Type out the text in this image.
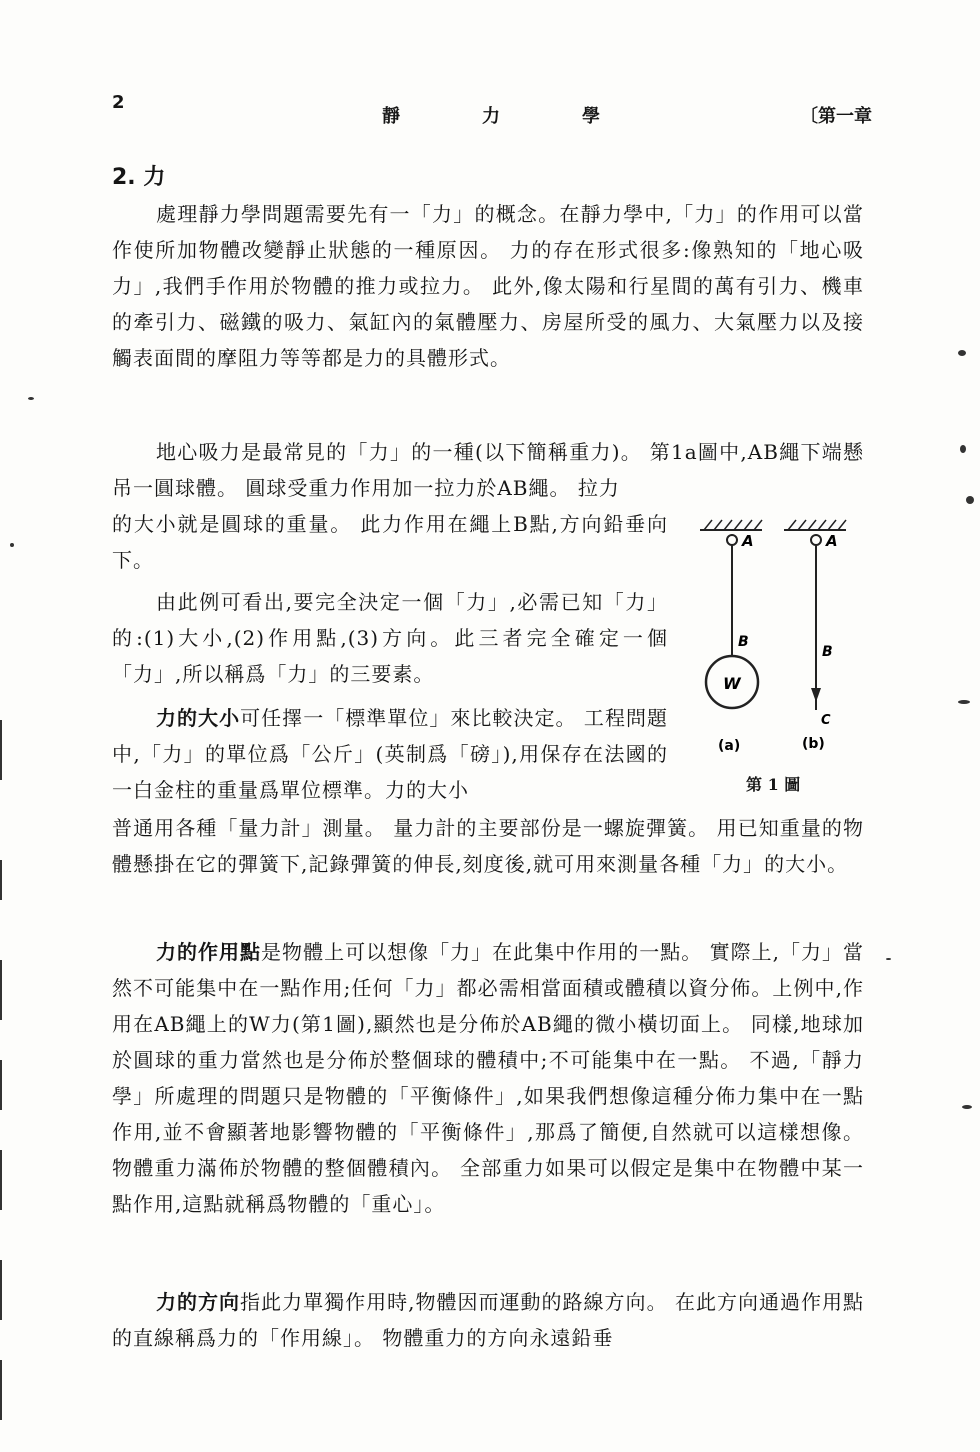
2
靜	力	學	〔第一章
2. 力

處理靜力學問題需要先有一「力」的概念。在靜力學中,「力」的作用可以當作使所加物體改變靜止狀態的一種原因。 力的存在形式很多:像熟知的「地心吸力」,我們手作用於物體的推力或拉力。 此外,像太陽和行星間的萬有引力、機車的牽引力、磁鐵的吸力、氣缸內的氣體壓力、房屋所受的風力、大氣壓力以及接觸表面間的摩阻力等等都是力的具體形式。

地心吸力是最常見的「力」的一種(以下簡稱重力)。 第1a圖中,AB繩下端懸吊一圓球體。 圓球受重力作用加一拉力於AB繩。 拉力

的大小就是圓球的重量。 此力作用在繩上B點,方向鉛垂向下。

由此例可看出,要完全決定一個「力」,必需已知「力」的:(1)大小,(2)作用點,(3)方向。此三者完全確定一個「力」,所以稱爲「力」的三要素。

力的大小可任擇一「標準單位」來比較決定。 工程問題中,「力」的單位爲「公斤」(英制爲「磅」),用保存在法國的一白金柱的重量爲單位標準。力的大小

普通用各種「量力計」測量。 量力計的主要部份是一螺旋彈簧。 用已知重量的物體懸掛在它的彈簧下,記錄彈簧的伸長,刻度後,就可用來測量各種「力」的大小。

力的作用點是物體上可以想像「力」在此集中作用的一點。 實際上,「力」當然不可能集中在一點作用;任何「力」都必需相當面積或體積以資分佈。上例中,作用在AB繩上的W力(第1圖),顯然也是分佈於AB繩的微小橫切面上。 同樣,地球加於圓球的重力當然也是分佈於整個球的體積中;不可能集中在一點。 不過,「靜力學」所處理的問題只是物體的「平衡條件」,如果我們想像這種分佈力集中在一點作用,並不會顯著地影響物體的「平衡條件」,那爲了簡便,自然就可以這樣想像。 物體重力滿佈於物體的整個體積內。 全部重力如果可以假定是集中在物體中某一點作用,這點就稱爲物體的「重心」。

力的方向指此力單獨作用時,物體因而運動的路線方向。 在此方向通過作用點的直線稱爲力的「作用線」。 物體重力的方向永遠鉛垂

A
B
W
A
B
C
(a)	(b)
第 1 圖
